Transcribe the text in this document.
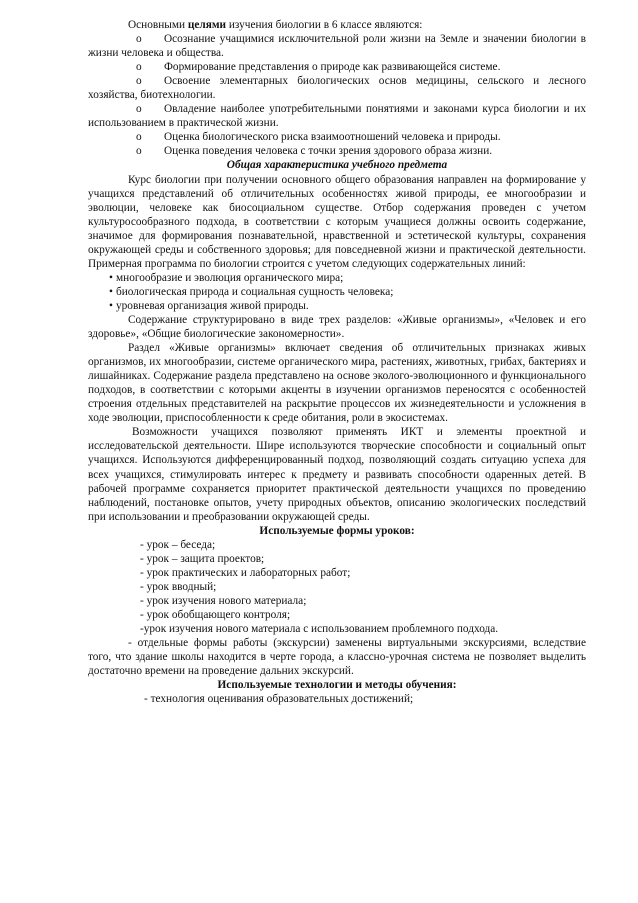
Основными целями изучения биологии в 6 классе являются:

o Осознание учащимися исключительной роли жизни на Земле и значении биологии в жизни человека и общества.
o Формирование представления о природе как развивающейся системе.
o Освоение элементарных биологических основ медицины, сельского и лесного хозяйства, биотехнологии.
o Овладение наиболее употребительными понятиями и законами курса биологии и их использованием в практической жизни.
o Оценка биологического риска взаимоотношений человека и природы.
o Оценка поведения человека с точки зрения здорового образа жизни.

Общая характеристика учебного предмета

Курс биологии при получении основного общего образования направлен на формирование у учащихся представлений об отличительных особенностях живой природы, ее многообразии и эволюции, человеке как биосоциальном существе. Отбор содержания проведен с учетом культуросообразного подхода, в соответствии с которым учащиеся должны освоить содержание, значимое для формирования познавательной, нравственной и эстетической культуры, сохранения окружающей среды и собственного здоровья; для повседневной жизни и практической деятельности. Примерная программа по биологии строится с учетом следующих содержательных линий:

• многообразие и эволюция органического мира;
• биологическая природа и социальная сущность человека;
• уровневая организация живой природы.

Содержание структурировано в виде трех разделов: «Живые организмы», «Человек и его здоровье», «Общие биологические закономерности».

Раздел «Живые организмы» включает сведения об отличительных признаках живых организмов, их многообразии, системе органического мира, растениях, животных, грибах, бактериях и лишайниках. Содержание раздела представлено на основе эколого-эволюционного и функционального подходов, в соответствии с которыми акценты в изучении организмов переносятся с особенностей строения отдельных представителей на раскрытие процессов их жизнедеятельности и усложнения в ходе эволюции, приспособленности к среде обитания, роли в экосистемах.

Возможности учащихся позволяют применять ИКТ и элементы проектной и исследовательской деятельности. Шире используются творческие способности и социальный опыт учащихся. Используются дифференцированный подход, позволяющий создать ситуацию успеха для всех учащихся, стимулировать интерес к предмету и развивать способности одаренных детей. В рабочей программе сохраняется приоритет практической деятельности учащихся по проведению наблюдений, постановке опытов, учету природных объектов, описанию экологических последствий при использовании и преобразовании окружающей среды.

Используемые формы уроков:

- урок – беседа;
- урок – защита проектов;
- урок практических и лабораторных работ;
- урок вводный;
- урок изучения нового материала;
- урок обобщающего контроля;
-урок изучения нового материала с использованием проблемного подхода.

- отдельные формы работы (экскурсии) заменены виртуальными экскурсиями, вследствие того, что здание школы находится в черте города, а классно-урочная система не позволяет выделить достаточно времени на проведение дальних экскурсий.

Используемые технологии и методы обучения:

- технология оценивания образовательных достижений;
